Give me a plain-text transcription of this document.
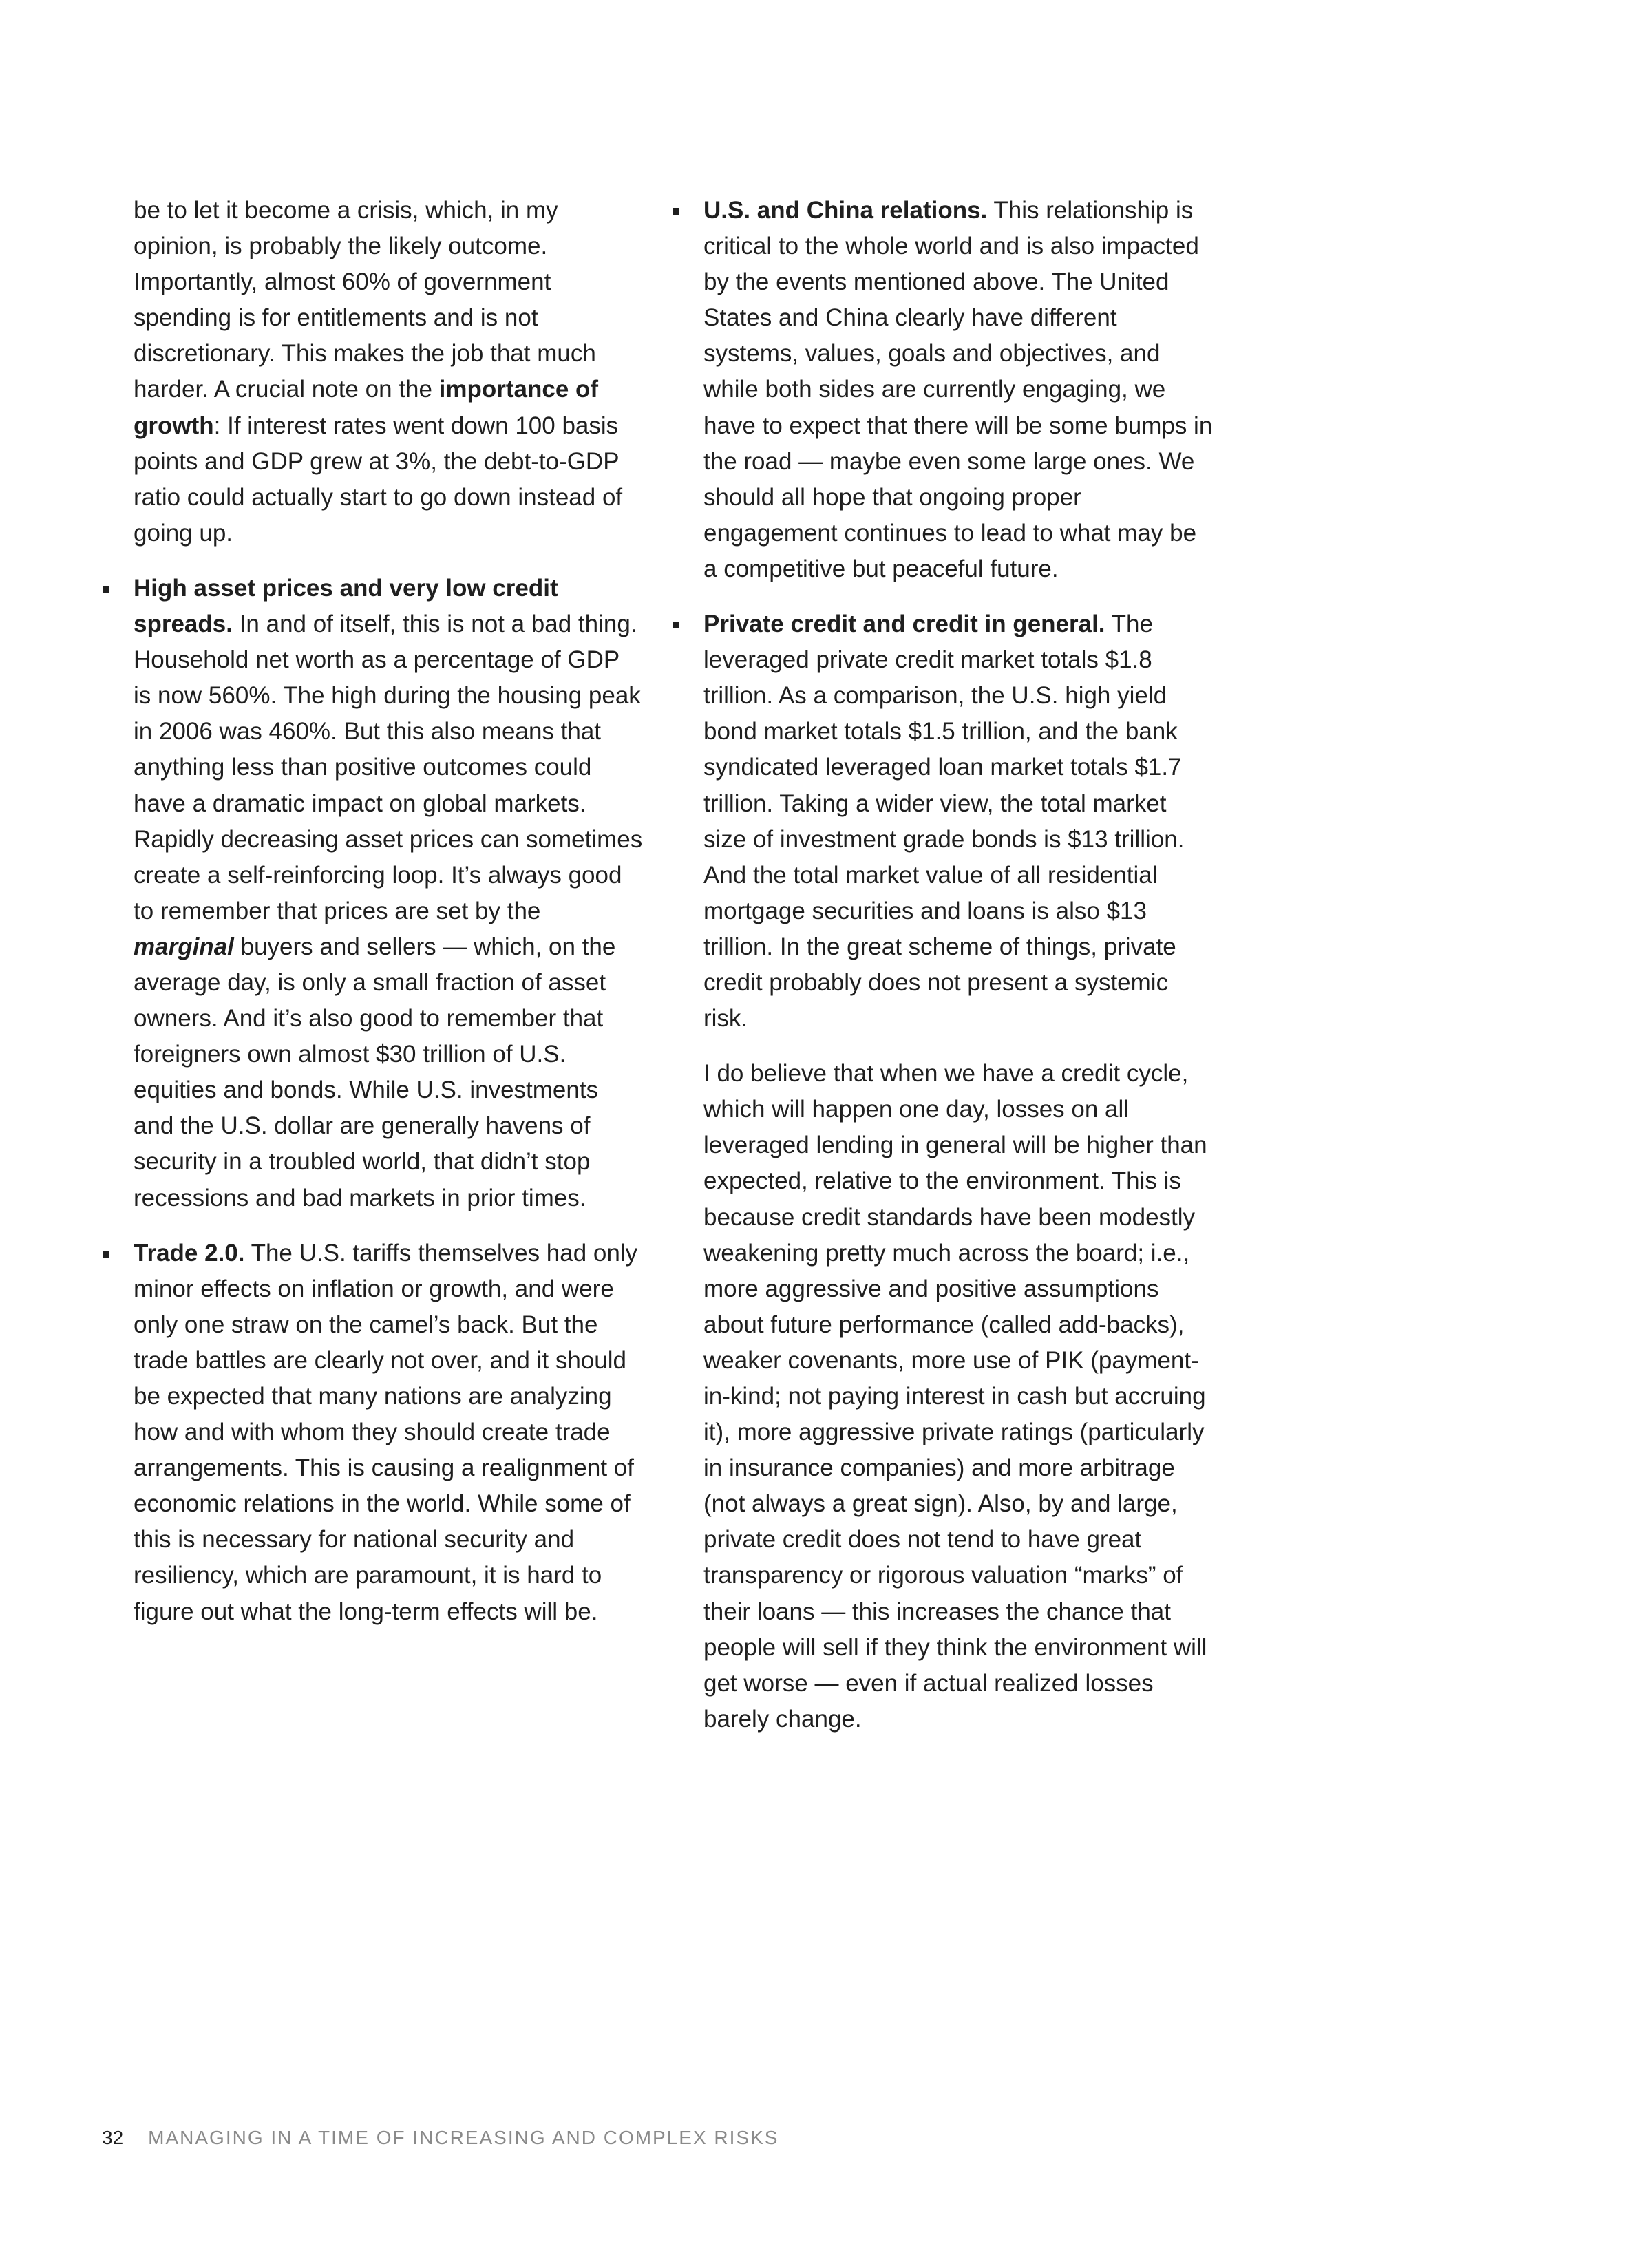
be to let it become a crisis, which, in my opinion, is probably the likely outcome. Importantly, almost 60% of government spending is for entitlements and is not discretionary. This makes the job that much harder. A crucial note on the importance of growth: If interest rates went down 100 basis points and GDP grew at 3%, the debt-to-GDP ratio could actually start to go down instead of going up.

High asset prices and very low credit spreads. In and of itself, this is not a bad thing. Household net worth as a percentage of GDP is now 560%. The high during the housing peak in 2006 was 460%. But this also means that anything less than positive outcomes could have a dramatic impact on global markets. Rapidly decreasing asset prices can sometimes create a self-reinforcing loop. It’s always good to remember that prices are set by the marginal buyers and sellers — which, on the average day, is only a small fraction of asset owners. And it’s also good to remember that foreigners own almost $30 trillion of U.S. equities and bonds. While U.S. investments and the U.S. dollar are generally havens of security in a troubled world, that didn’t stop recessions and bad markets in prior times.

Trade 2.0. The U.S. tariffs themselves had only minor effects on inflation or growth, and were only one straw on the camel’s back. But the trade battles are clearly not over, and it should be expected that many nations are analyzing how and with whom they should create trade arrangements. This is causing a realignment of economic relations in the world. While some of this is necessary for national security and resiliency, which are paramount, it is hard to figure out what the long-term effects will be.

U.S. and China relations. This relationship is critical to the whole world and is also impacted by the events mentioned above. The United States and China clearly have different systems, values, goals and objectives, and while both sides are currently engaging, we have to expect that there will be some bumps in the road — maybe even some large ones. We should all hope that ongoing proper engagement continues to lead to what may be a competitive but peaceful future.

Private credit and credit in general. The leveraged private credit market totals $1.8 trillion. As a comparison, the U.S. high yield bond market totals $1.5 trillion, and the bank syndicated leveraged loan market totals $1.7 trillion. Taking a wider view, the total market size of investment grade bonds is $13 trillion. And the total market value of all residential mortgage securities and loans is also $13 trillion. In the great scheme of things, private credit probably does not present a systemic risk.

I do believe that when we have a credit cycle, which will happen one day, losses on all leveraged lending in general will be higher than expected, relative to the environment. This is because credit standards have been modestly weakening pretty much across the board; i.e., more aggressive and positive assumptions about future performance (called add-backs), weaker covenants, more use of PIK (payment-in-kind; not paying interest in cash but accruing it), more aggressive private ratings (particularly in insurance companies) and more arbitrage (not always a great sign). Also, by and large, private credit does not tend to have great transparency or rigorous valuation “marks” of their loans — this increases the chance that people will sell if they think the environment will get worse — even if actual realized losses barely change.

32 MANAGING IN A TIME OF INCREASING AND COMPLEX RISKS
